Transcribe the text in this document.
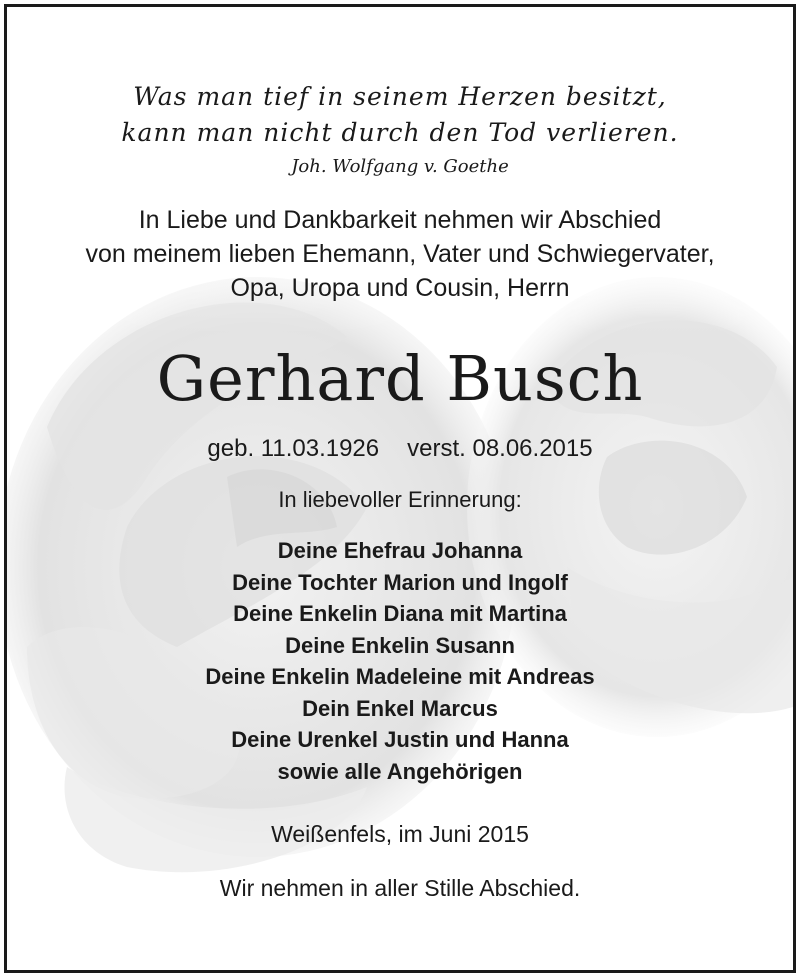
Was man tief in seinem Herzen besitzt,
kann man nicht durch den Tod verlieren.
Joh. Wolfgang v. Goethe
In Liebe und Dankbarkeit nehmen wir Abschied
von meinem lieben Ehemann, Vater und Schwiegervater,
Opa, Uropa und Cousin, Herrn
Gerhard Busch
geb. 11.03.1926 verst. 08.06.2015
In liebevoller Erinnerung:
Deine Ehefrau Johanna
Deine Tochter Marion und Ingolf
Deine Enkelin Diana mit Martina
Deine Enkelin Susann
Deine Enkelin Madeleine mit Andreas
Dein Enkel Marcus
Deine Urenkel Justin und Hanna
sowie alle Angehörigen
Weißenfels, im Juni 2015
Wir nehmen in aller Stille Abschied.
